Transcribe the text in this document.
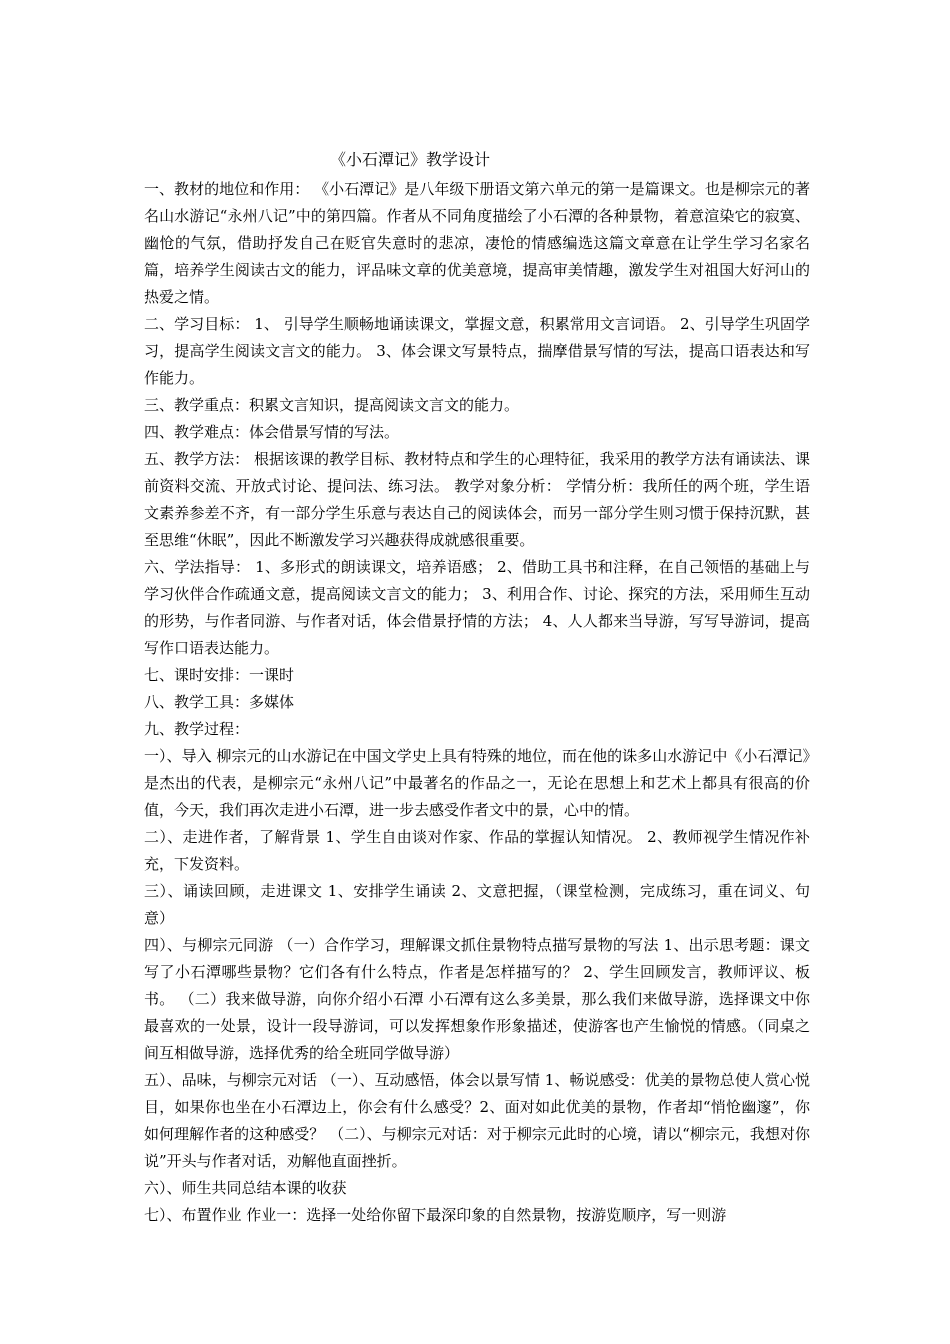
《小石潭记》教学设计

一、教材的地位和作用： 《小石潭记》是八年级下册语文第六单元的第一是篇课文。也是柳宗元的著名山水游记“永州八记”中的第四篇。作者从不同角度描绘了小石潭的各种景物，着意渲染它的寂寞、幽怆的气氛，借助抒发自己在贬官失意时的悲凉，凄怆的情感编选这篇文章意在让学生学习名家名篇，培养学生阅读古文的能力，评品味文章的优美意境，提高审美情趣，激发学生对祖国大好河山的热爱之情。

二、学习目标： 1、 引导学生顺畅地诵读课文，掌握文意，积累常用文言词语。 2、引导学生巩固学习，提高学生阅读文言文的能力。 3、体会课文写景特点，揣摩借景写情的写法，提高口语表达和写作能力。

三、教学重点：积累文言知识，提高阅读文言文的能力。

四、教学难点：体会借景写情的写法。

五、教学方法： 根据该课的教学目标、教材特点和学生的心理特征，我采用的教学方法有诵读法、课前资料交流、开放式讨论、提问法、练习法。 教学对象分析： 学情分析：我所任的两个班，学生语文素养参差不齐，有一部分学生乐意与表达自己的阅读体会，而另一部分学生则习惯于保持沉默，甚至思维“休眠”，因此不断激发学习兴趣获得成就感很重要。

六、学法指导： 1、多形式的朗读课文，培养语感； 2、借助工具书和注释，在自己领悟的基础上与学习伙伴合作疏通文意，提高阅读文言文的能力； 3、利用合作、讨论、探究的方法，采用师生互动的形势，与作者同游、与作者对话，体会借景抒情的方法； 4、人人都来当导游，写写导游词，提高写作口语表达能力。

七、课时安排：一课时

八、教学工具：多媒体

九、教学过程：

一）、导入 柳宗元的山水游记在中国文学史上具有特殊的地位，而在他的诛多山水游记中《小石潭记》是杰出的代表，是柳宗元“永州八记”中最著名的作品之一，无论在思想上和艺术上都具有很高的价值，今天，我们再次走进小石潭，进一步去感受作者文中的景，心中的情。

二）、走进作者，了解背景 1、学生自由谈对作家、作品的掌握认知情况。 2、教师视学生情况作补充，下发资料。

三）、诵读回顾，走进课文 1、安排学生诵读 2、文意把握，（课堂检测，完成练习，重在词义、句意）

四）、与柳宗元同游 （一）合作学习，理解课文抓住景物特点描写景物的写法 1、出示思考题：课文写了小石潭哪些景物？它们各有什么特点，作者是怎样描写的？ 2、学生回顾发言，教师评议、板书。 （二）我来做导游，向你介绍小石潭 小石潭有这么多美景，那么我们来做导游，选择课文中你最喜欢的一处景，设计一段导游词，可以发挥想象作形象描述，使游客也产生愉悦的情感。（同桌之间互相做导游，选择优秀的给全班同学做导游）

五）、品味，与柳宗元对话 （一）、互动感悟，体会以景写情 1、畅说感受：优美的景物总使人赏心悦目，如果你也坐在小石潭边上，你会有什么感受？2、面对如此优美的景物，作者却“悄怆幽邃”，你如何理解作者的这种感受？ （二）、与柳宗元对话：对于柳宗元此时的心境，请以“柳宗元，我想对你说”开头与作者对话，劝解他直面挫折。

六）、师生共同总结本课的收获

七）、布置作业 作业一：选择一处给你留下最深印象的自然景物，按游览顺序，写一则游
